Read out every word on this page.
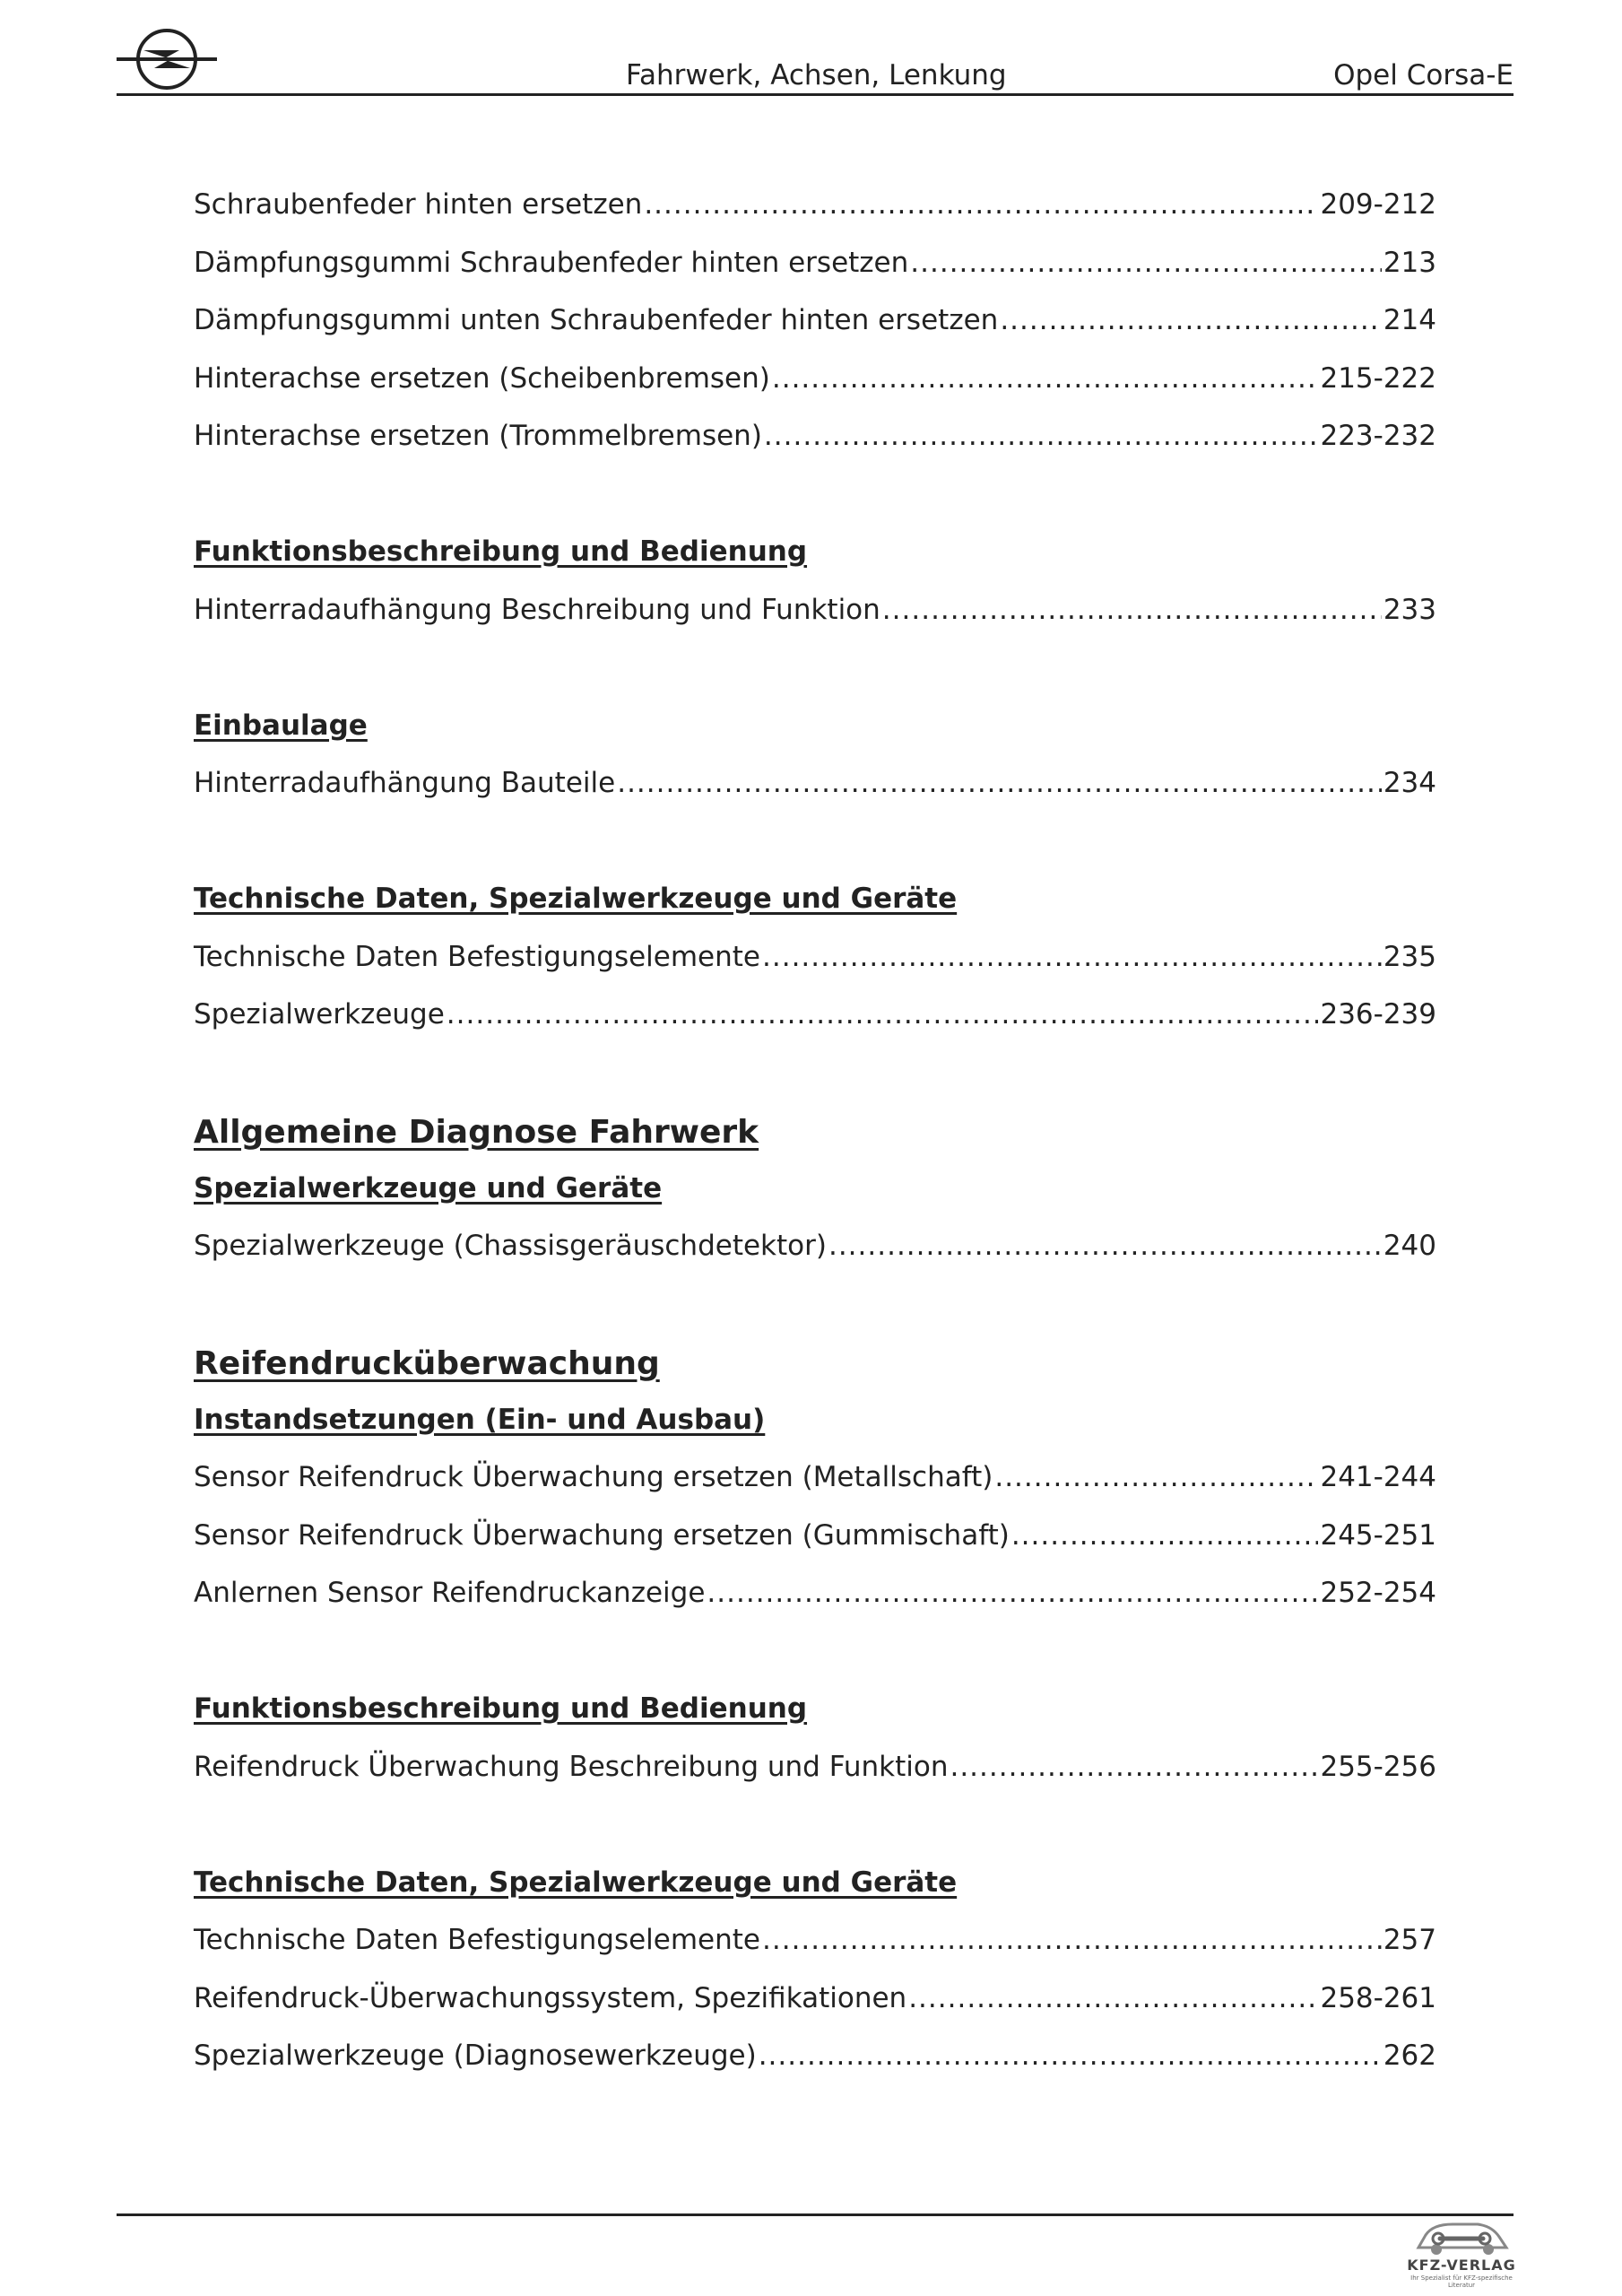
Fahrwerk, Achsen, Lenkung	Opel Corsa-E
Schraubenfeder hinten ersetzen .....	209-212
Dämpfungsgummi Schraubenfeder hinten ersetzen .....	213
Dämpfungsgummi unten Schraubenfeder hinten ersetzen .....	214
Hinterachse ersetzen (Scheibenbremsen) .....	215-222
Hinterachse ersetzen (Trommelbremsen) .....	223-232
Funktionsbeschreibung und Bedienung
Hinterradaufhängung Beschreibung und Funktion .....	233
Einbaulage
Hinterradaufhängung Bauteile .....	234
Technische Daten, Spezialwerkzeuge und Geräte
Technische Daten Befestigungselemente .....	235
Spezialwerkzeuge .....	236-239
Allgemeine Diagnose Fahrwerk
Spezialwerkzeuge und Geräte
Spezialwerkzeuge (Chassisgeräuschdetektor) .....	240
Reifendrucküberwachung
Instandsetzungen (Ein- und Ausbau)
Sensor Reifendruck Überwachung ersetzen (Metallschaft) .....	241-244
Sensor Reifendruck Überwachung ersetzen (Gummischaft) .....	245-251
Anlernen Sensor Reifendruckanzeige .....	252-254
Funktionsbeschreibung und Bedienung
Reifendruck Überwachung Beschreibung und Funktion .....	255-256
Technische Daten, Spezialwerkzeuge und Geräte
Technische Daten Befestigungselemente .....	257
Reifendruck-Überwachungssystem, Spezifikationen .....	258-261
Spezialwerkzeuge (Diagnosewerkzeuge) .....	262
KFZ-VERLAG
Ihr Spezialist für KFZ-spezifische Literatur
